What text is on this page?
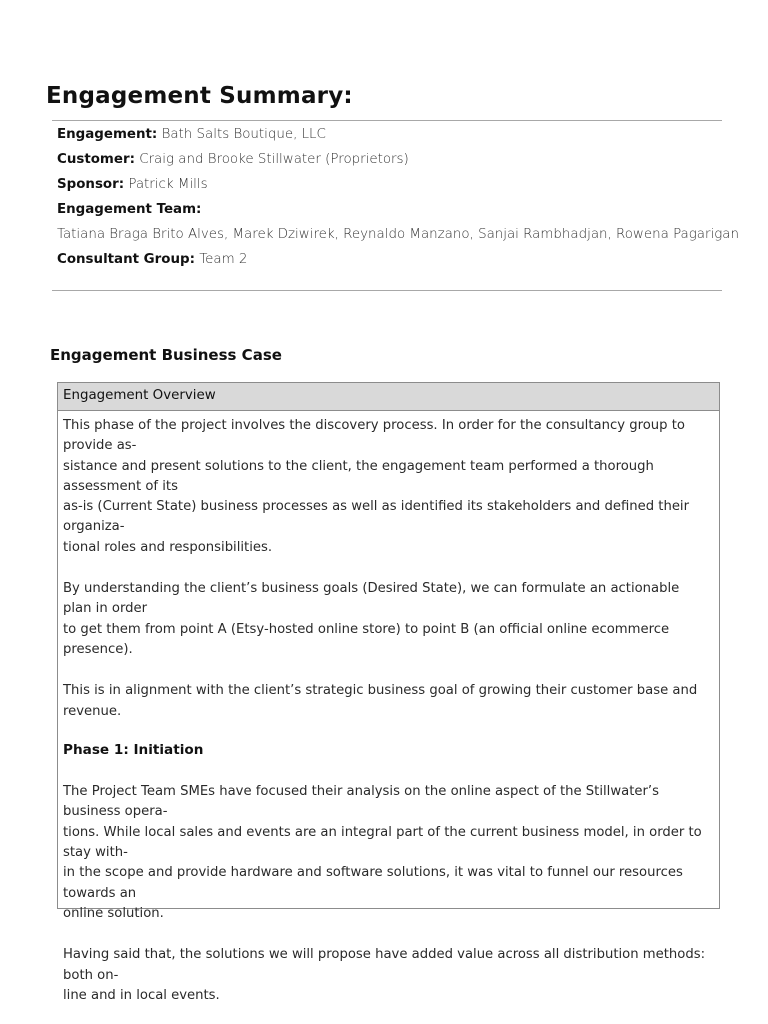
Engagement Summary:
Engagement: Bath Salts Boutique, LLC
Customer: Craig and Brooke Stillwater (Proprietors)
Sponsor: Patrick Mills
Engagement Team:
Tatiana Braga Brito Alves, Marek Dziwirek, Reynaldo Manzano, Sanjai Rambhadjan, Rowena Pagarigan
Consultant Group: Team 2
Engagement Business Case
Engagement Overview

This phase of the project involves the discovery process. In order for the consultancy group to provide as-
sistance and present solutions to the client, the engagement team performed a thorough assessment of its
as-is (Current State) business processes as well as identified its stakeholders and defined their organiza-
tional roles and responsibilities.

By understanding the client’s business goals (Desired State), we can formulate an actionable plan in order
to get them from point A (Etsy-hosted online store) to point B (an official online ecommerce presence).

This is in alignment with the client’s strategic business goal of growing their customer base and revenue.

Phase 1: Initiation

The Project Team SMEs have focused their analysis on the online aspect of the Stillwater’s business opera-
tions. While local sales and events are an integral part of the current business model, in order to stay with-
in the scope and provide hardware and software solutions, it was vital to funnel our resources towards an
online solution.

Having said that, the solutions we will propose have added value across all distribution methods: both on-
line and in local events.
